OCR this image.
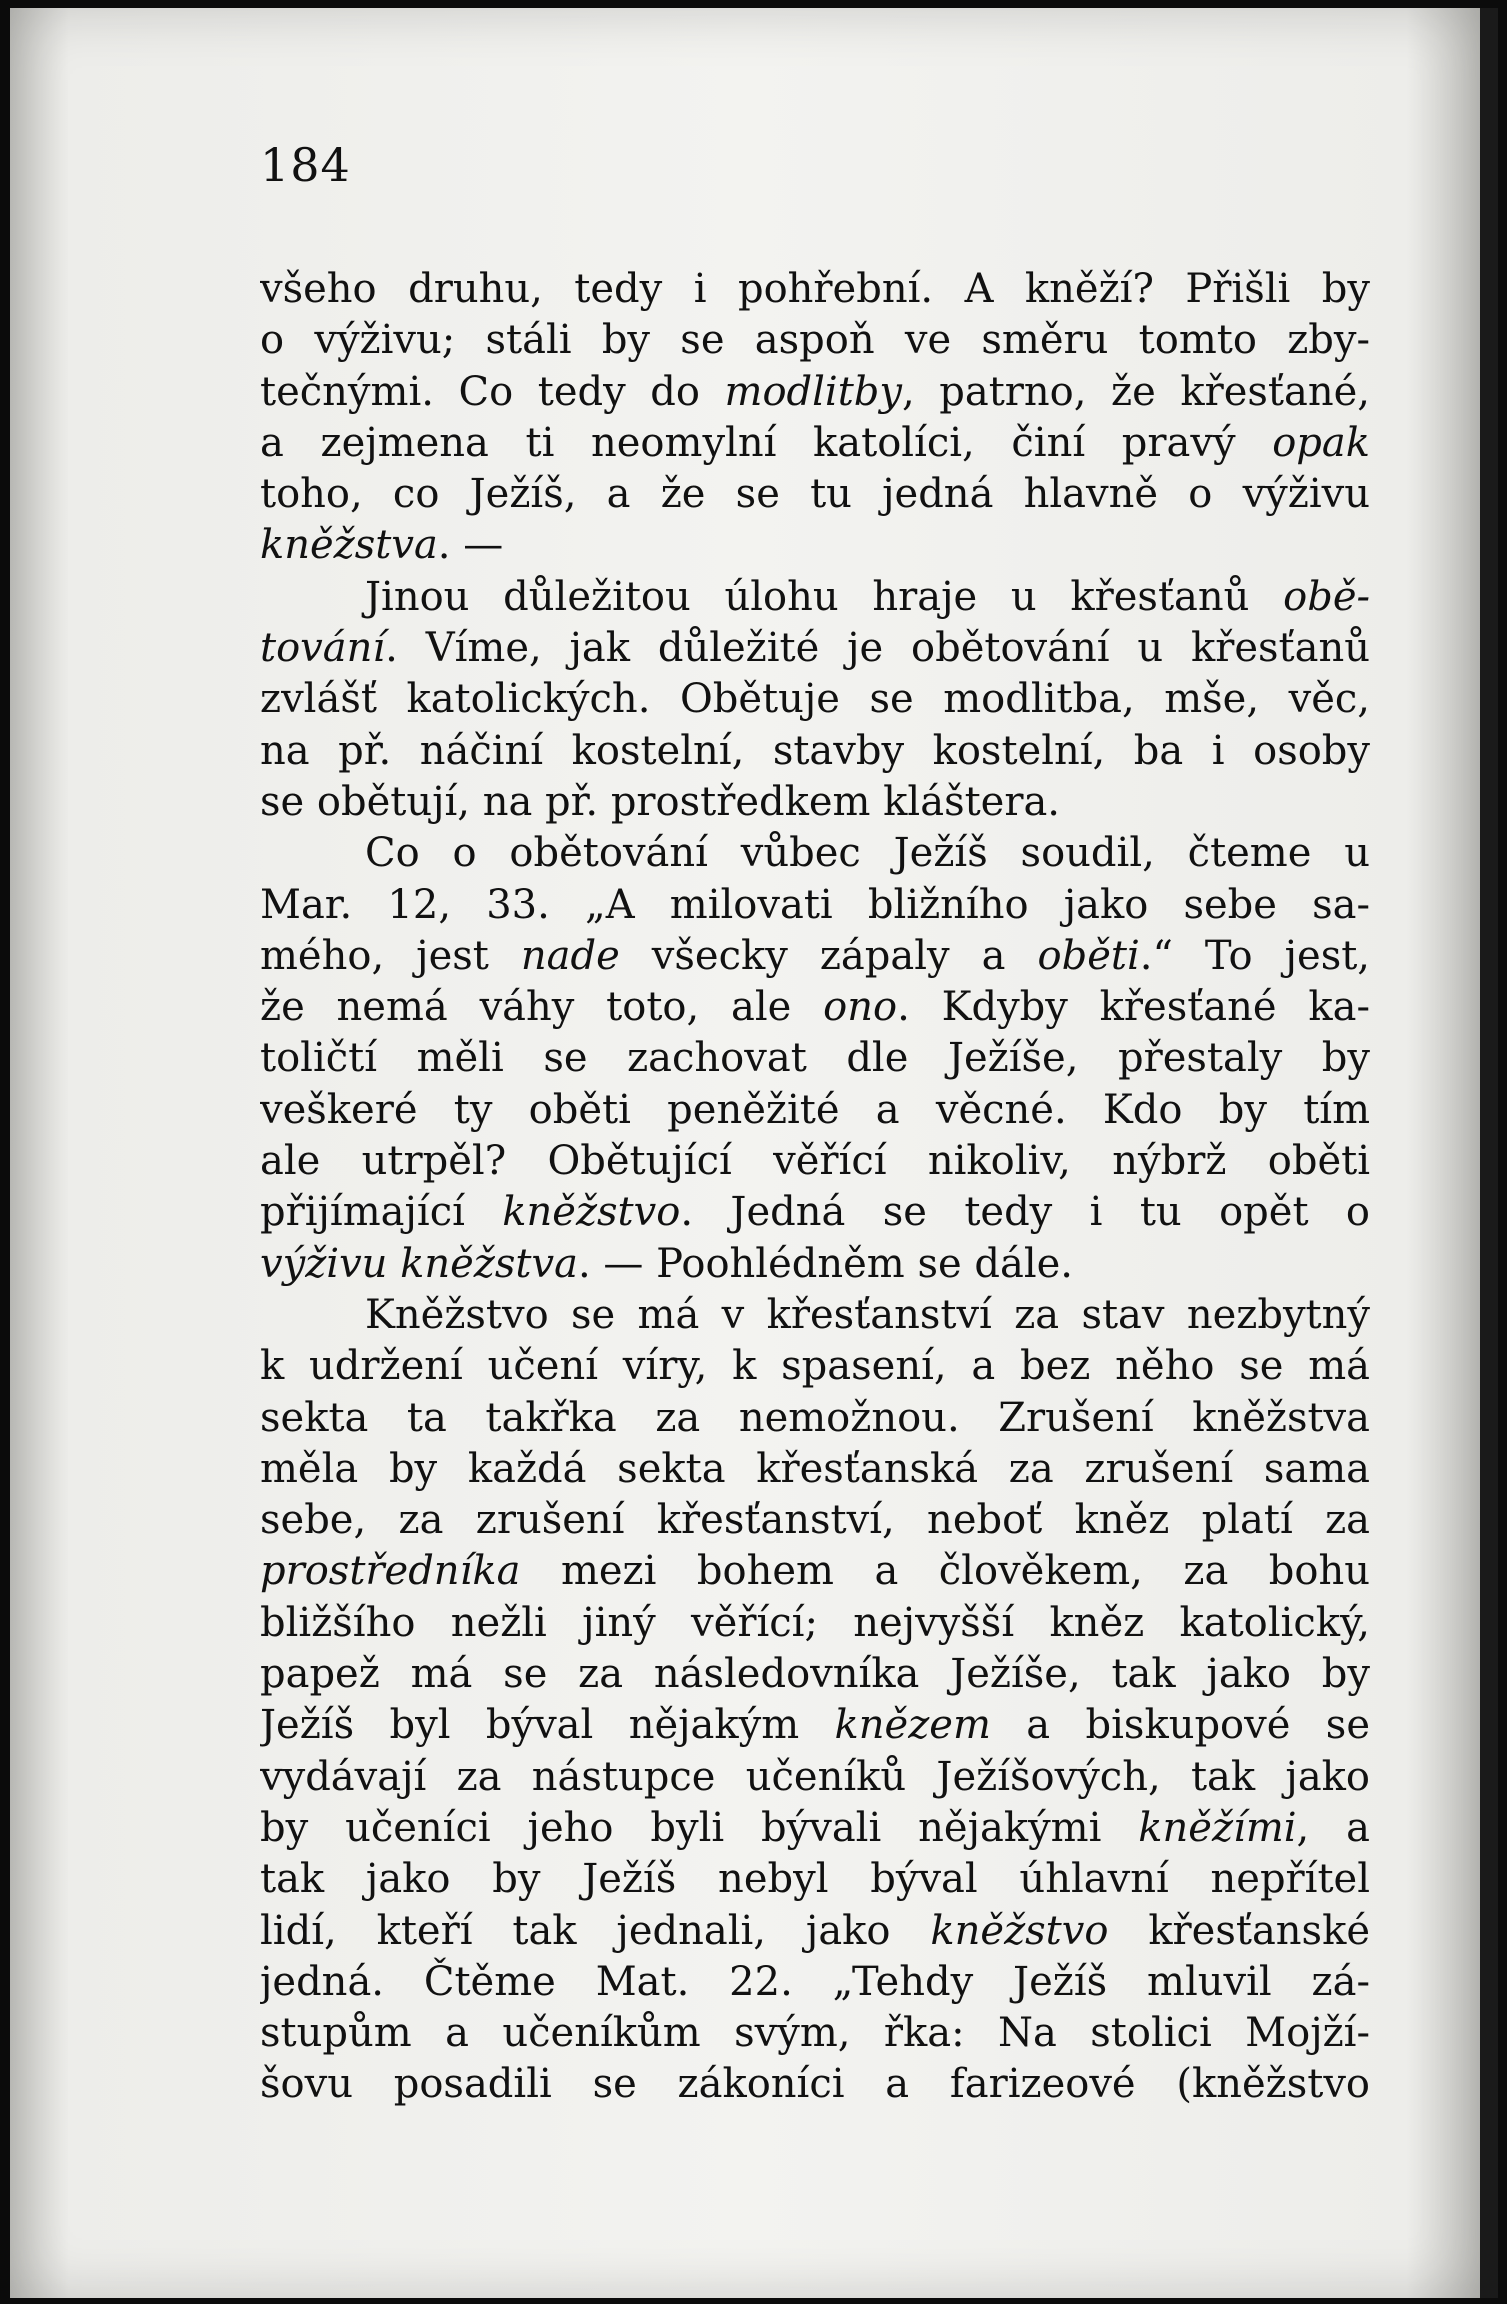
184
všeho druhu, tedy i pohřební. A kněží? Přišli by
o výživu; stáli by se aspoň ve směru tomto zby-
tečnými. Co tedy do modlitby, patrno, že křesťané,
a zejmena ti neomylní katolíci, činí pravý opak
toho, co Ježíš, a že se tu jedná hlavně o výživu
kněžstva. —
Jinou důležitou úlohu hraje u křesťanů obě-
tování. Víme, jak důležité je obětování u křesťanů
zvlášť katolických. Obětuje se modlitba, mše, věc,
na př. náčiní kostelní, stavby kostelní, ba i osoby
se obětují, na př. prostředkem kláštera.
Co o obětování vůbec Ježíš soudil, čteme u
Mar. 12, 33. „A milovati bližního jako sebe sa-
mého, jest nade všecky zápaly a oběti.“ To jest,
že nemá váhy toto, ale ono. Kdyby křesťané ka-
toličtí měli se zachovat dle Ježíše, přestaly by
veškeré ty oběti peněžité a věcné. Kdo by tím
ale utrpěl? Obětující věřící nikoliv, nýbrž oběti
přijímající kněžstvo. Jedná se tedy i tu opět o
výživu kněžstva. — Poohlédněm se dále.
Kněžstvo se má v křesťanství za stav nezbytný
k udržení učení víry, k spasení, a bez něho se má
sekta ta takřka za nemožnou. Zrušení kněžstva
měla by každá sekta křesťanská za zrušení sama
sebe, za zrušení křesťanství, neboť kněz platí za
prostředníka mezi bohem a člověkem, za bohu
bližšího nežli jiný věřící; nejvyšší kněz katolický,
papež má se za následovníka Ježíše, tak jako by
Ježíš byl býval nějakým knězem a biskupové se
vydávají za nástupce učeníků Ježíšových, tak jako
by učeníci jeho byli bývali nějakými kněžími, a
tak jako by Ježíš nebyl býval úhlavní nepřítel
lidí, kteří tak jednali, jako kněžstvo křesťanské
jedná. Čtěme Mat. 22. „Tehdy Ježíš mluvil zá-
stupům a učeníkům svým, řka: Na stolici Mojží-
šovu posadili se zákoníci a farizeové (kněžstvo
